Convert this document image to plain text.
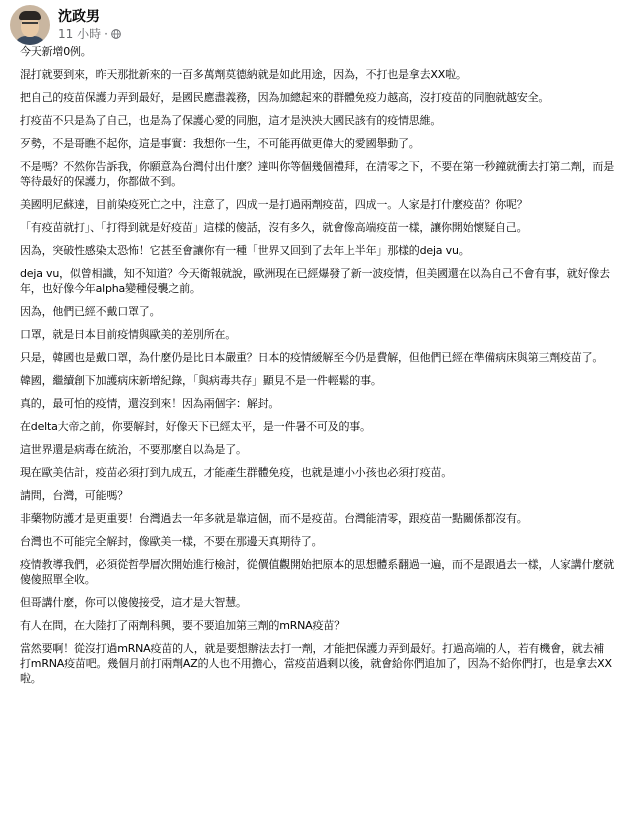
沈政男
11 小時 ·

今天新增0例。

混打就要到來，昨天那批新來的一百多萬劑莫德納就是如此用途，因為，不打也是拿去XX啦。

把自己的疫苗保護力弄到最好，是國民應盡義務，因為加總起來的群體免疫力越高，沒打疫苗的同胞就越安全。

打疫苗不只是為了自己，也是為了保護心愛的同胞，這才是泱泱大國民該有的疫情思維。

歹勢，不是哥瞧不起你，這是事實：我想你一生，不可能再做更偉大的愛國舉動了。

不是嗎？不然你告訴我，你願意為台灣付出什麼？達叫你等個幾個禮拜，在清零之下，不要在第一秒鐘就衝去打第二劑，而是等待最好的保護力，你都做不到。

美國明尼蘇達，目前染疫死亡之中，注意了，四成一是打過兩劑疫苗，四成一。人家是打什麼疫苗？你呢？

「有疫苗就打」、「打得到就是好疫苗」這樣的傻話，沒有多久，就會像高端疫苗一樣，讓你開始懷疑自己。

因為，突破性感染太恐怖！它甚至會讓你有一種「世界又回到了去年上半年」那樣的deja vu。

deja vu，似曾相識，知不知道？今天衛報就說，歐洲現在已經爆發了新一波疫情，但美國還在以為自己不會有事，就好像去年，也好像今年alpha變種侵襲之前。

因為，他們已經不戴口罩了。

口罩，就是日本目前疫情與歐美的差別所在。

只是，韓國也是戴口罩，為什麼仍是比日本嚴重？日本的疫情緩解至今仍是費解，但他們已經在準備病床與第三劑疫苗了。

韓國，繼續創下加護病床新增紀錄，「與病毒共存」顯見不是一件輕鬆的事。

真的，最可怕的疫情，還沒到來！因為兩個字：解封。

在delta大帝之前，你要解封，好像天下已經太平，是一件暑不可及的事。

這世界還是病毒在統治，不要那麼自以為是了。

現在歐美估計，疫苗必須打到九成五，才能產生群體免疫，也就是連小小孩也必須打疫苗。

請問，台灣，可能嗎？

非藥物防護才是更重要！台灣過去一年多就是靠這個，而不是疫苗。台灣能清零，跟疫苗一點關係都沒有。

台灣也不可能完全解封，像歐美一樣，不要在那邊天真期待了。

疫情教導我們，必須從哲學層次開始進行檢討，從價值觀開始把原本的思想體系翻過一遍，而不是跟過去一樣，人家講什麼就傻傻照單全收。

但哥講什麼，你可以傻傻接受，這才是大智慧。

有人在問，在大陸打了兩劑科興，要不要追加第三劑的mRNA疫苗？

當然要啊！從沒打過mRNA疫苗的人，就是要想辦法去打一劑，才能把保護力弄到最好。打過高端的人，若有機會，就去補打mRNA疫苗吧。幾個月前打兩劑AZ的人也不用擔心，當疫苗過剩以後，就會給你們追加了，因為不給你們打，也是拿去XX啦。
